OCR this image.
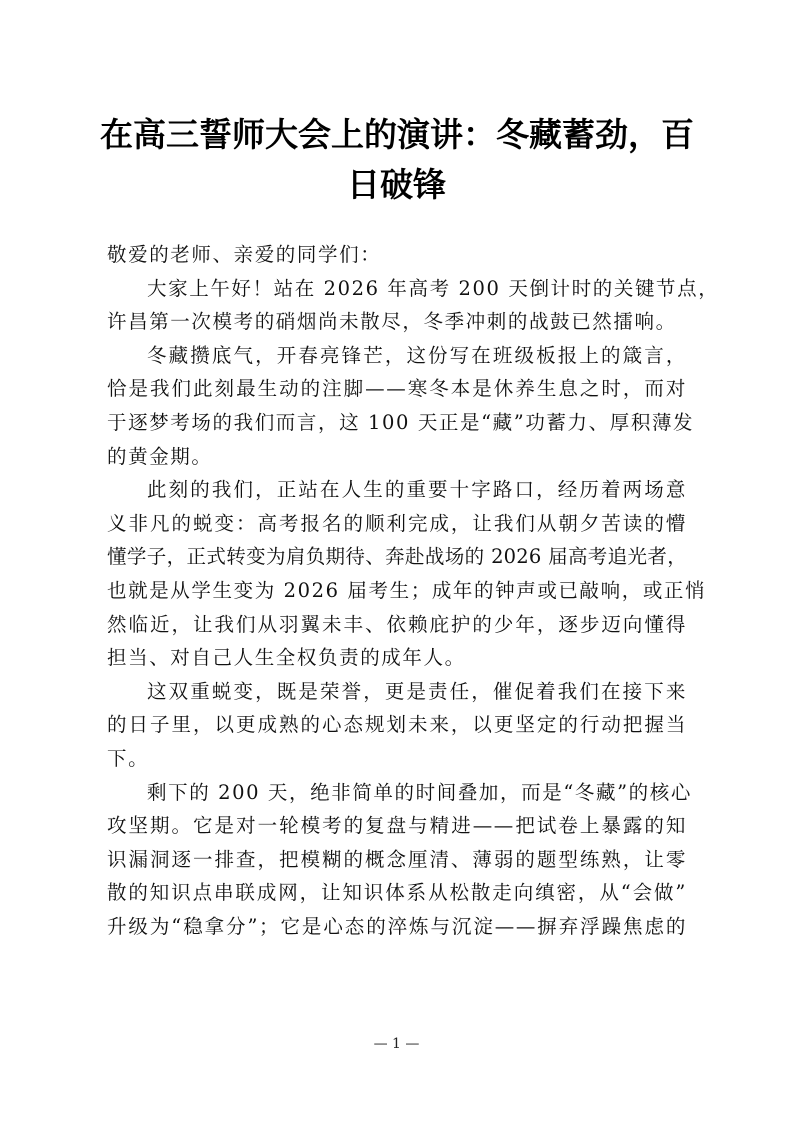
在高三誓师大会上的演讲：冬藏蓄劲，百
日破锋
敬爱的老师、亲爱的同学们：
大家上午好！站在 2026 年高考 200 天倒计时的关键节点，
许昌第一次模考的硝烟尚未散尽，冬季冲刺的战鼓已然擂响。
冬藏攒底气，开春亮锋芒，这份写在班级板报上的箴言，
恰是我们此刻最生动的注脚——寒冬本是休养生息之时，而对
于逐梦考场的我们而言，这 100 天正是“藏”功蓄力、厚积薄发
的黄金期。
此刻的我们，正站在人生的重要十字路口，经历着两场意
义非凡的蜕变：高考报名的顺利完成，让我们从朝夕苦读的懵
懂学子，正式转变为肩负期待、奔赴战场的 2026 届高考追光者，
也就是从学生变为 2026 届考生；成年的钟声或已敲响，或正悄
然临近，让我们从羽翼未丰、依赖庇护的少年，逐步迈向懂得
担当、对自己人生全权负责的成年人。
这双重蜕变，既是荣誉，更是责任，催促着我们在接下来
的日子里，以更成熟的心态规划未来，以更坚定的行动把握当
下。
剩下的 200 天，绝非简单的时间叠加，而是“冬藏”的核心
攻坚期。它是对一轮模考的复盘与精进——把试卷上暴露的知
识漏洞逐一排查，把模糊的概念厘清、薄弱的题型练熟，让零
散的知识点串联成网，让知识体系从松散走向缜密，从“会做”
升级为“稳拿分”；它是心态的淬炼与沉淀——摒弃浮躁焦虑的
— 1 —
